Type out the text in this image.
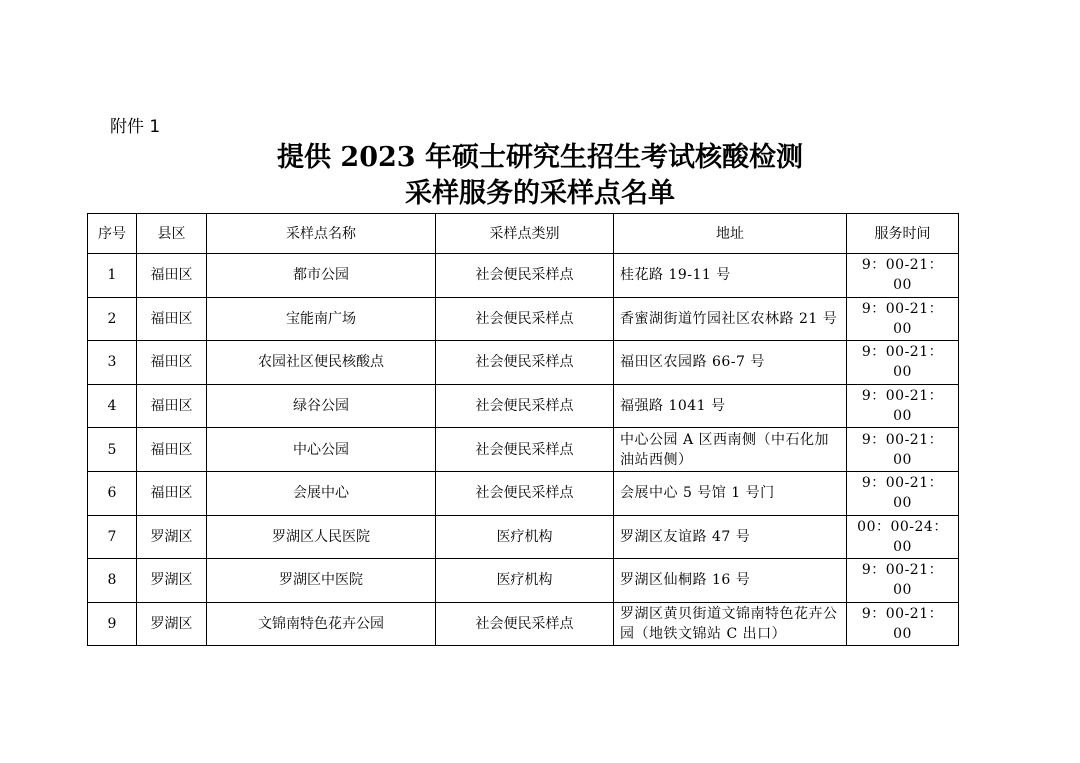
附件 1
提供 2023 年硕士研究生招生考试核酸检测
采样服务的采样点名单
序号	县区	采样点名称	采样点类别	地址	服务时间
1	福田区	都市公园	社会便民采样点	桂花路 19-11 号	9：00-21：00
2	福田区	宝能南广场	社会便民采样点	香蜜湖街道竹园社区农林路 21 号	9：00-21：00
3	福田区	农园社区便民核酸点	社会便民采样点	福田区农园路 66-7 号	9：00-21：00
4	福田区	绿谷公园	社会便民采样点	福强路 1041 号	9：00-21：00
5	福田区	中心公园	社会便民采样点	中心公园 A 区西南侧（中石化加油站西侧）	9：00-21：00
6	福田区	会展中心	社会便民采样点	会展中心 5 号馆 1 号门	9：00-21：00
7	罗湖区	罗湖区人民医院	医疗机构	罗湖区友谊路 47 号	00：00-24：00
8	罗湖区	罗湖区中医院	医疗机构	罗湖区仙桐路 16 号	9：00-21：00
9	罗湖区	文锦南特色花卉公园	社会便民采样点	罗湖区黄贝街道文锦南特色花卉公园（地铁文锦站 C 出口）	9：00-21：00
